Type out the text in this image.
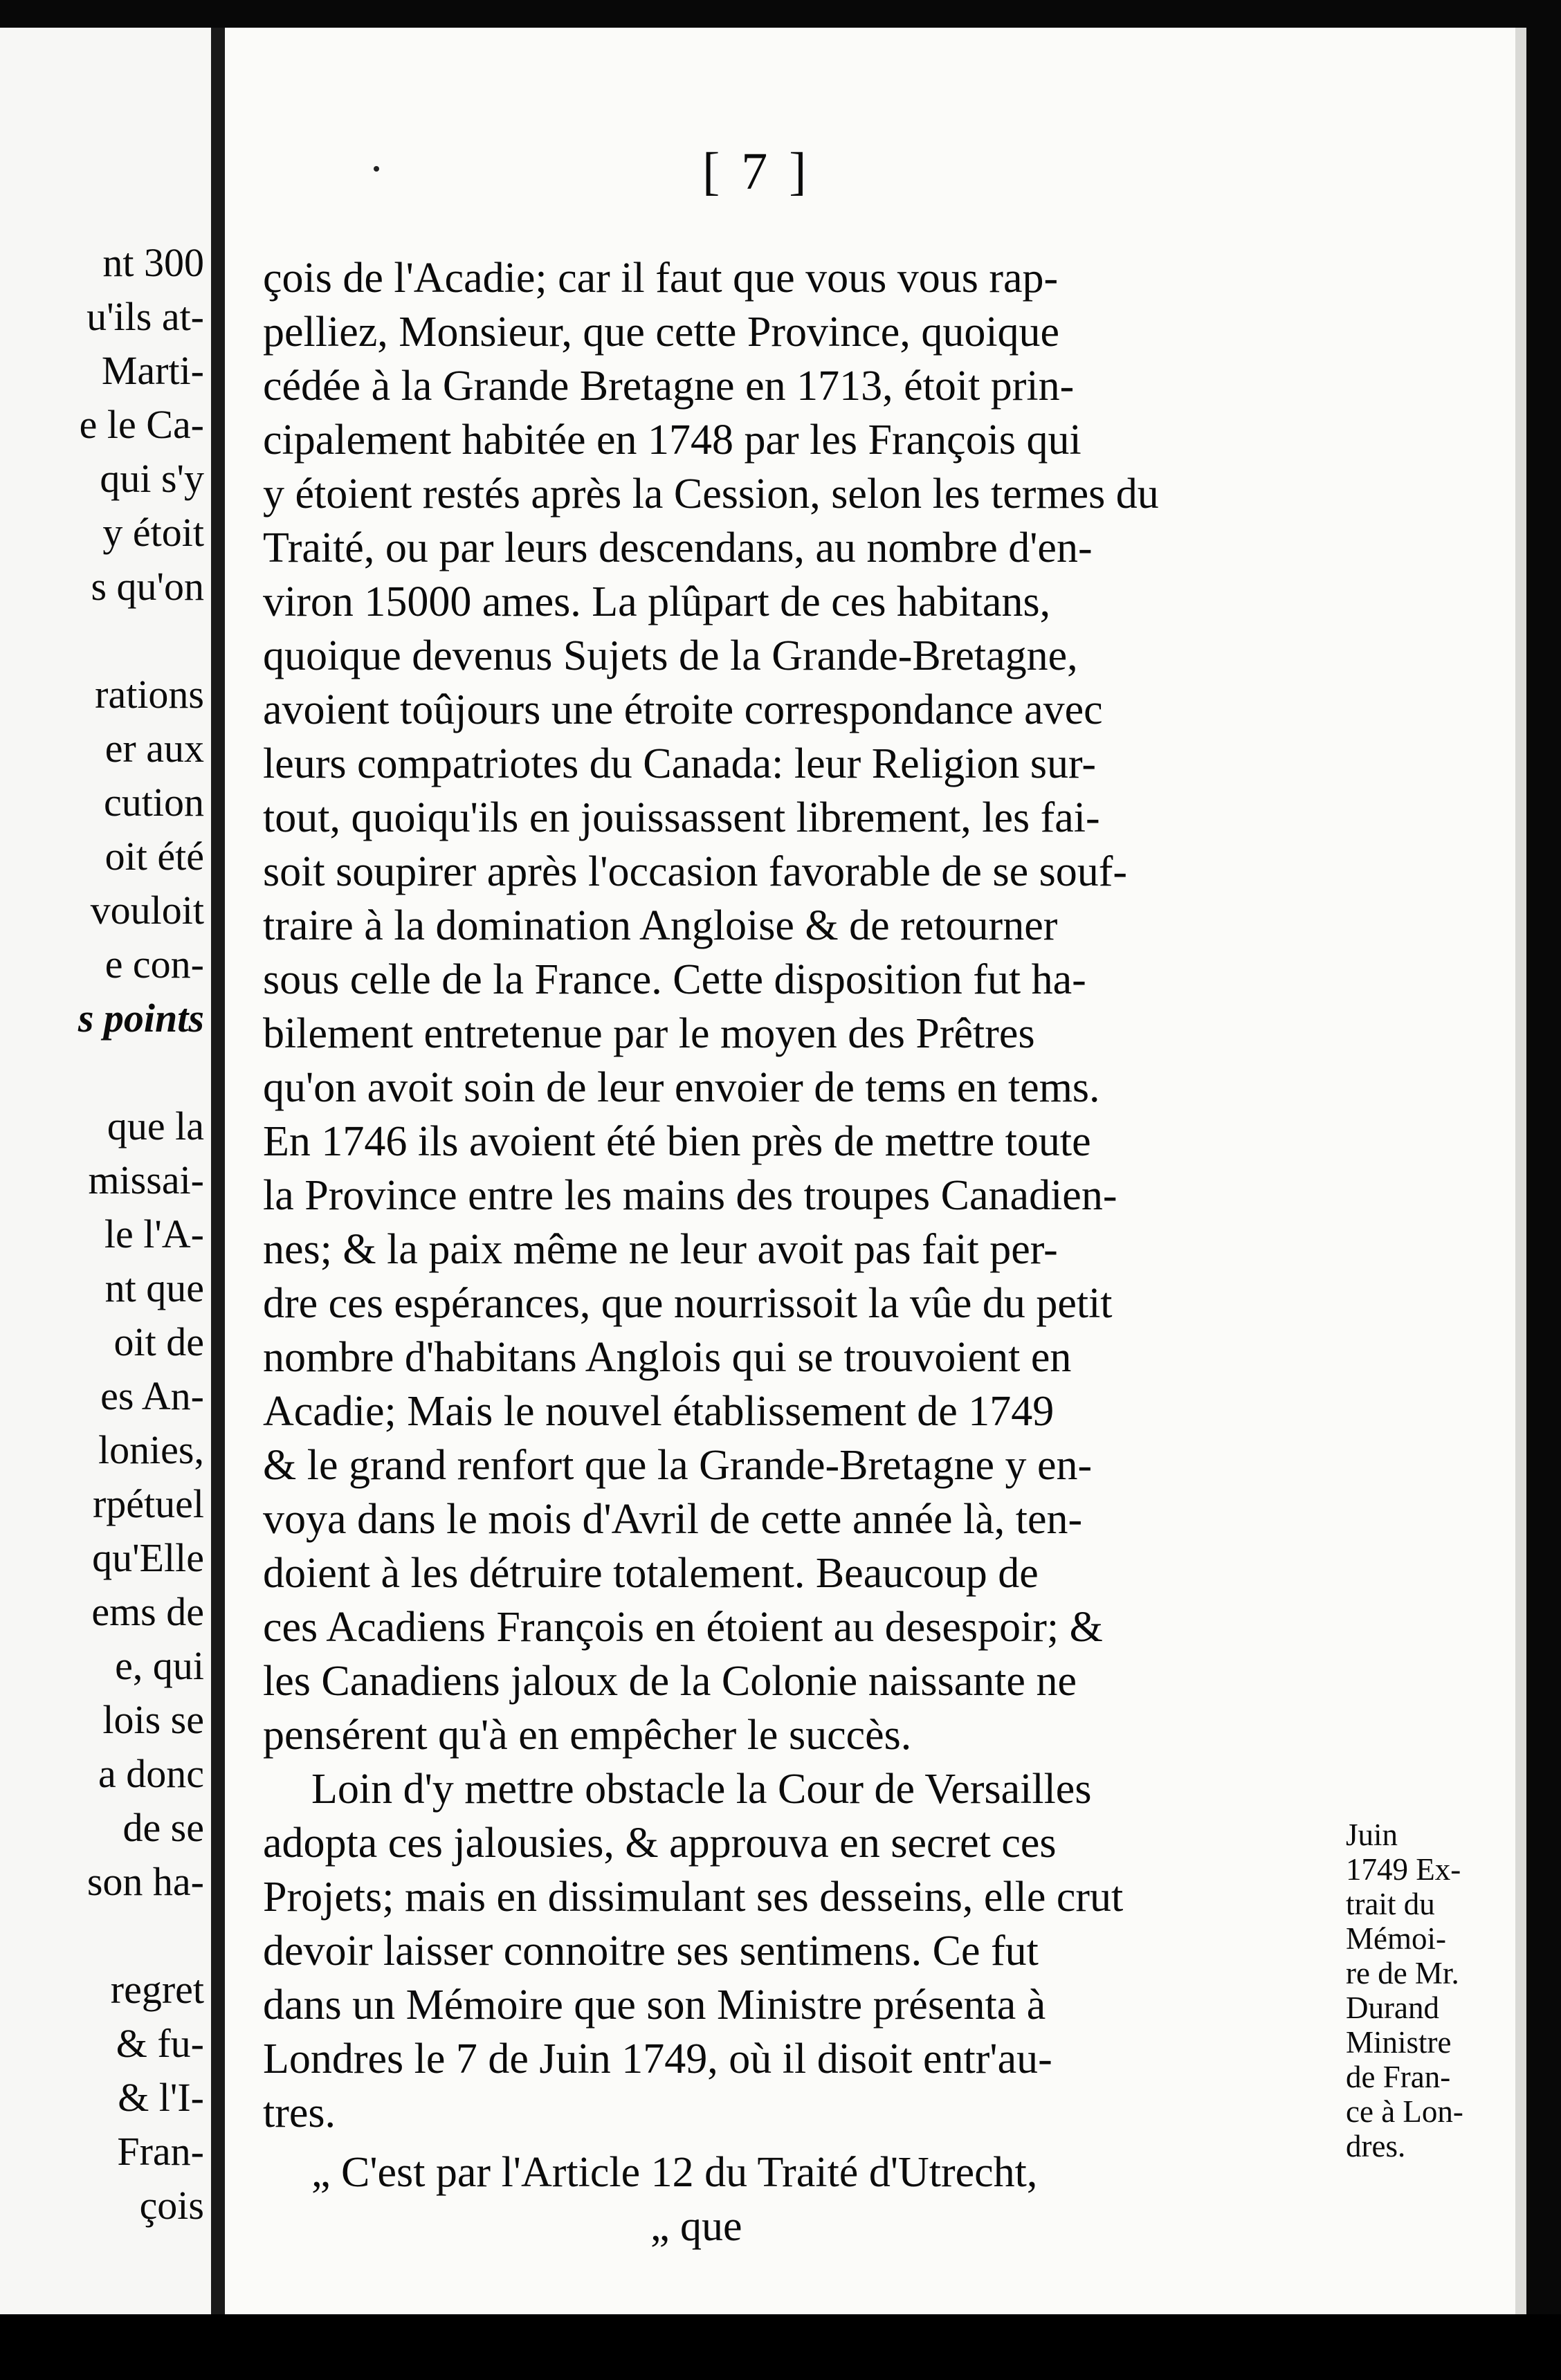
nt 300
u'ils at-
Marti-
e le Ca-
qui s'y
y étoit
s qu'on
rations
er aux
cution
oit été
vouloit
e con-
s points
que la
missai-
le l'A-
nt que
oit de
es An-
lonies,
rpétuel
qu'Elle
ems de
e, qui
lois se
a donc
de se
son ha-
regret
& fu-
& l'I-
Fran-
çois
[ 7 ]
çois de l'Acadie; car il faut que vous vous rap-
pelliez, Monsieur, que cette Province, quoique
cédée à la Grande Bretagne en 1713, étoit prin-
cipalement habitée en 1748 par les François qui
y étoient restés après la Cession, selon les termes du
Traité, ou par leurs descendans, au nombre d'en-
viron 15000 ames. La plûpart de ces habitans,
quoique devenus Sujets de la Grande-Bretagne,
avoient toûjours une étroite correspondance avec
leurs compatriotes du Canada: leur Religion sur-
tout, quoiqu'ils en jouissassent librement, les fai-
soit soupirer après l'occasion favorable de se souf-
traire à la domination Angloise & de retourner
sous celle de la France. Cette disposition fut ha-
bilement entretenue par le moyen des Prêtres
qu'on avoit soin de leur envoier de tems en tems.
En 1746 ils avoient été bien près de mettre toute
la Province entre les mains des troupes Canadien-
nes; & la paix même ne leur avoit pas fait per-
dre ces espérances, que nourrissoit la vûe du petit
nombre d'habitans Anglois qui se trouvoient en
Acadie; Mais le nouvel établissement de 1749
& le grand renfort que la Grande-Bretagne y en-
voya dans le mois d'Avril de cette année là, ten-
doient à les détruire totalement. Beaucoup de
ces Acadiens François en étoient au desespoir; &
les Canadiens jaloux de la Colonie naissante ne
pensérent qu'à en empêcher le succès.
Loin d'y mettre obstacle la Cour de Versailles
adopta ces jalousies, & approuva en secret ces
Projets; mais en dissimulant ses desseins, elle crut
devoir laisser connoitre ses sentimens. Ce fut
dans un Mémoire que son Ministre présenta à
Londres le 7 de Juin 1749, où il disoit entr'au-
tres.
„ C'est par l'Article 12 du Traité d'Utrecht,
„ que
Juin
1749 Ex-
trait du
Mémoi-
re de Mr.
Durand
Ministre
de Fran-
ce à Lon-
dres.
